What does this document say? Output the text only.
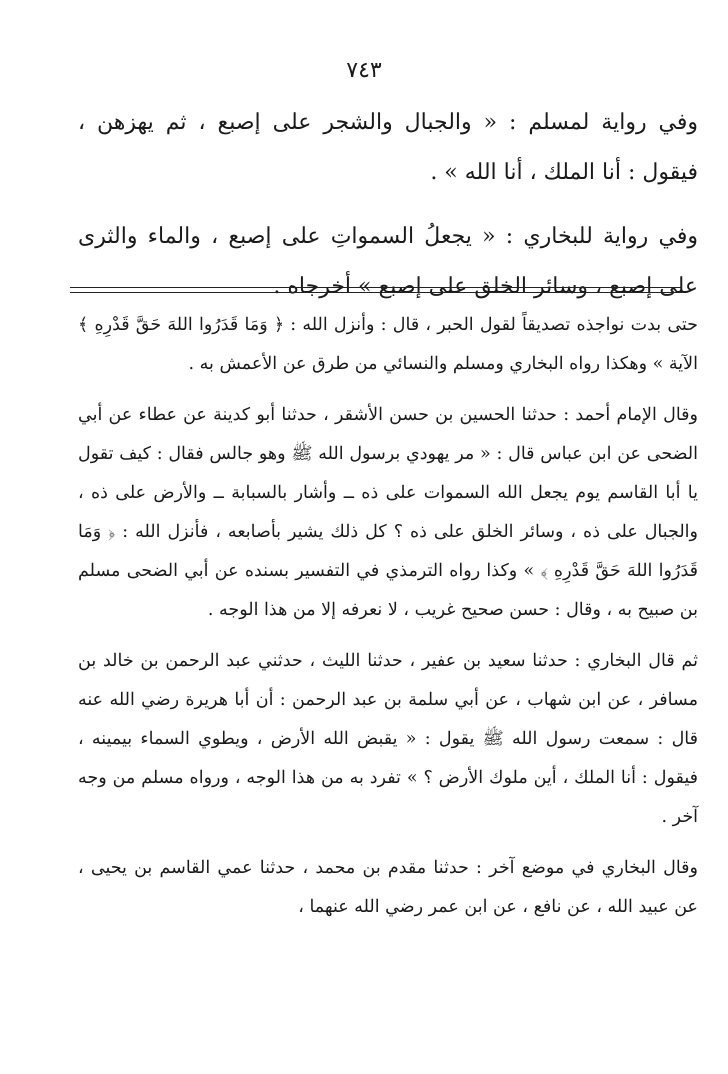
٧٤٣

وفي رواية لمسلم : « والجبال والشجر على إصبع ، ثم يهزهن ، فيقول : أنا الملك ، أنا الله » .

وفي رواية للبخاري : « يجعلُ السمواتِ على إصبع ، والماء والثرى على إصبع ، وسائر الخلق على إصبع » أخرجاه .

حتى بدت نواجذه تصديقاً لقول الحبر ، قال : وأنزل الله : ﴿ وَمَا قَدَرُوا اللهَ حَقَّ قَدْرِهِ ﴾ الآية » وهكذا رواه البخاري ومسلم والنسائي من طرق عن الأعمش به .

وقال الإمام أحمد : حدثنا الحسين بن حسن الأشقر ، حدثنا أبو كدينة عن عطاء عن أبي الضحى عن ابن عباس قال : « مر يهودي برسول الله ﷺ وهو جالس فقال : كيف تقول يا أبا القاسم يوم يجعل الله السموات على ذه ــ وأشار بالسبابة ــ والأرض على ذه ، والجبال على ذه ، وسائر الخلق على ذه ؟ كل ذلك يشير بأصابعه ، فأنزل الله : ﴿ وَمَا قَدَرُوا اللهَ حَقَّ قَدْرِهِ ﴾ » وكذا رواه الترمذي في التفسير بسنده عن أبي الضحى مسلم بن صبيح به ، وقال : حسن صحيح غريب ، لا نعرفه إلا من هذا الوجه .

ثم قال البخاري : حدثنا سعيد بن عفير ، حدثنا الليث ، حدثني عبد الرحمن بن خالد بن مسافر ، عن ابن شهاب ، عن أبي سلمة بن عبد الرحمن : أن أبا هريرة رضي الله عنه قال : سمعت رسول الله ﷺ يقول : « يقبض الله الأرض ، ويطوي السماء بيمينه ، فيقول : أنا الملك ، أين ملوك الأرض ؟ » تفرد به من هذا الوجه ، ورواه مسلم من وجه آخر .

وقال البخاري في موضع آخر : حدثنا مقدم بن محمد ، حدثنا عمي القاسم بن يحيى ، عن عبيد الله ، عن نافع ، عن ابن عمر رضي الله عنهما ،
